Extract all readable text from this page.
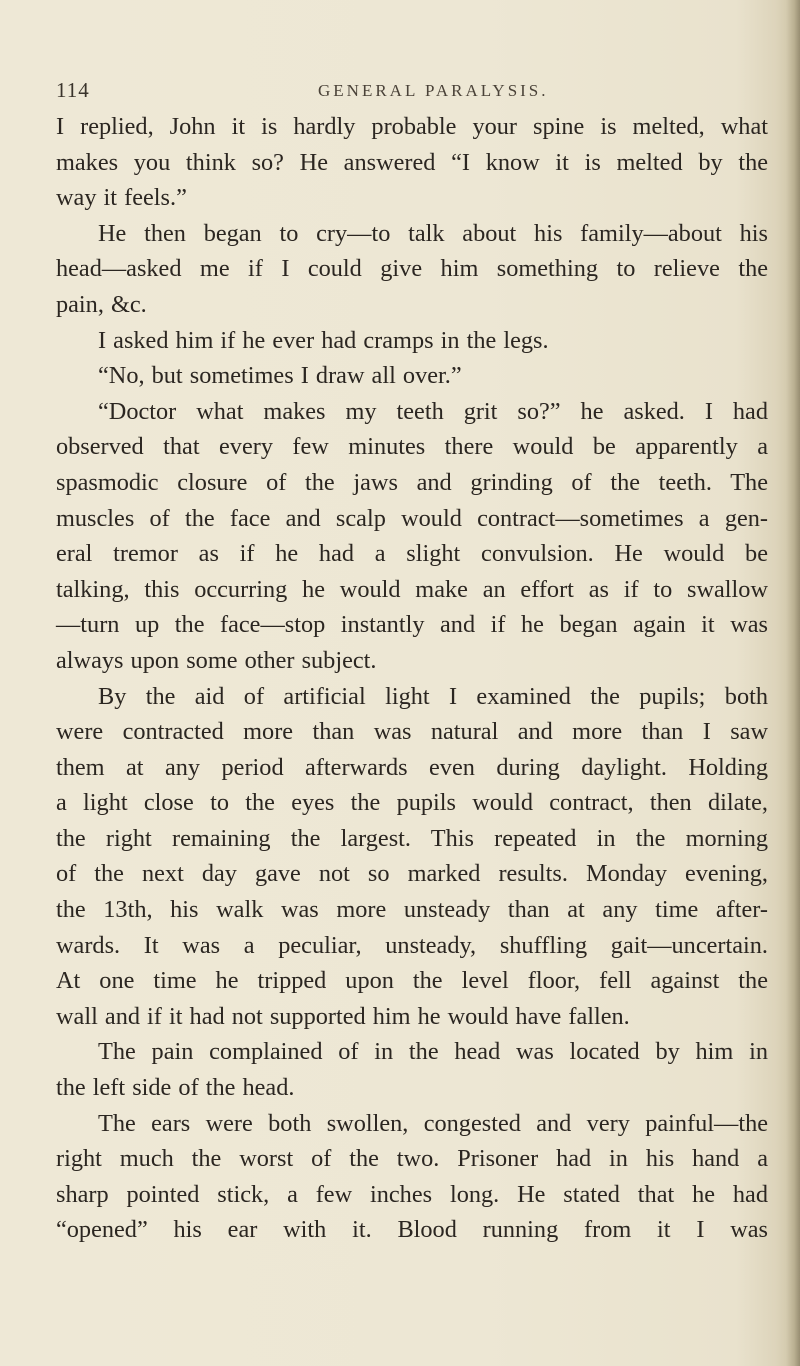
114	GENERAL PARALYSIS.
I replied, John it is hardly probable your spine is melted, what
makes you think so? He answered “I know it is melted by the
way it feels.”
He then began to cry—to talk about his family—about his
head—asked me if I could give him something to relieve the
pain, &c.
I asked him if he ever had cramps in the legs.
“No, but sometimes I draw all over.”
“Doctor what makes my teeth grit so?” he asked. I had
observed that every few minutes there would be apparently a
spasmodic closure of the jaws and grinding of the teeth. The
muscles of the face and scalp would contract—sometimes a gen-
eral tremor as if he had a slight convulsion. He would be
talking, this occurring he would make an effort as if to swallow
—turn up the face—stop instantly and if he began again it was
always upon some other subject.
By the aid of artificial light I examined the pupils; both
were contracted more than was natural and more than I saw
them at any period afterwards even during daylight. Holding
a light close to the eyes the pupils would contract, then dilate,
the right remaining the largest. This repeated in the morning
of the next day gave not so marked results. Monday evening,
the 13th, his walk was more unsteady than at any time after-
wards. It was a peculiar, unsteady, shuffling gait—uncertain.
At one time he tripped upon the level floor, fell against the
wall and if it had not supported him he would have fallen.
The pain complained of in the head was located by him in
the left side of the head.
The ears were both swollen, congested and very painful—the
right much the worst of the two. Prisoner had in his hand a
sharp pointed stick, a few inches long. He stated that he had
“opened” his ear with it. Blood running from it I was
